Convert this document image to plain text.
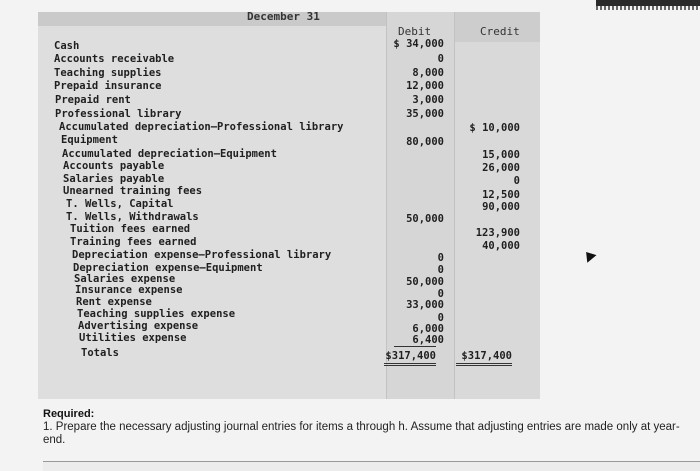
December 31
Debit	Credit
Cash
Accounts receivable
Teaching supplies
Prepaid insurance
Prepaid rent
Professional library
Accumulated depreciation—Professional library
Equipment
Accumulated depreciation—Equipment
Accounts payable
Salaries payable
Unearned training fees
T. Wells, Capital
T. Wells, Withdrawals
Tuition fees earned
Training fees earned
Depreciation expense—Professional library
Depreciation expense—Equipment
Salaries expense
Insurance expense
Rent expense
Teaching supplies expense
Advertising expense
Utilities expense
Totals
$ 34,000
0
8,000
12,000
3,000
35,000
80,000
50,000
0
0
50,000
0
33,000
0
6,000
6,400
$317,400
$ 10,000
15,000
26,000
0
12,500
90,000
123,900
40,000
$317,400
Required:
1. Prepare the necessary adjusting journal entries for items a through h. Assume that adjusting entries are made only at year-end.
